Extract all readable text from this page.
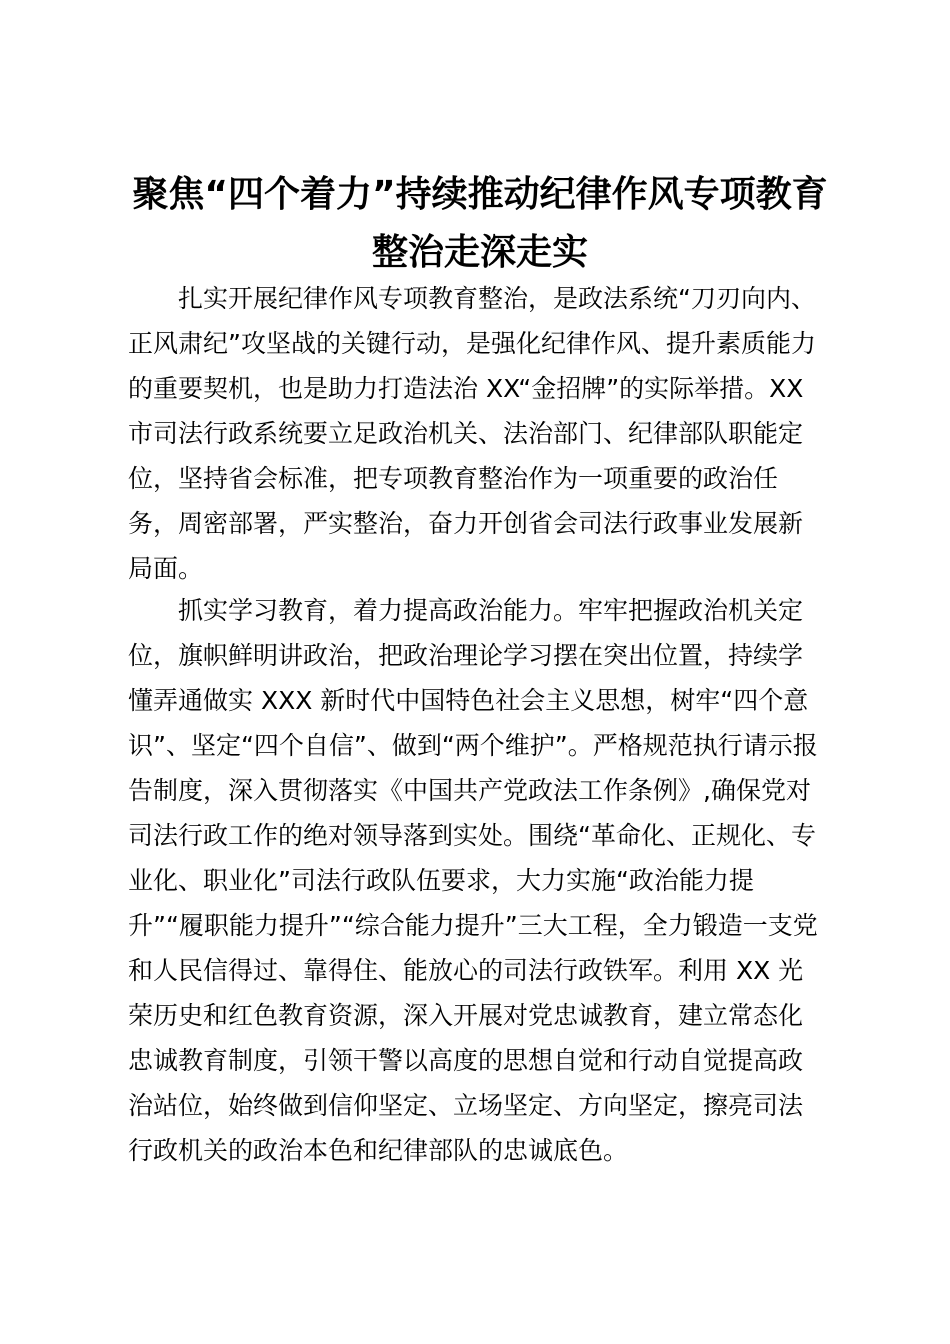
聚焦“四个着力”持续推动纪律作风专项教育
整治走深走实
　　扎实开展纪律作风专项教育整治，是政法系统“刀刃向内、
正风肃纪”攻坚战的关键行动，是强化纪律作风、提升素质能力
的重要契机，也是助力打造法治 XX“金招牌”的实际举措。XX
市司法行政系统要立足政治机关、法治部门、纪律部队职能定
位，坚持省会标准，把专项教育整治作为一项重要的政治任
务，周密部署，严实整治，奋力开创省会司法行政事业发展新
局面。
　　抓实学习教育，着力提高政治能力。牢牢把握政治机关定
位，旗帜鲜明讲政治，把政治理论学习摆在突出位置，持续学
懂弄通做实 XXX 新时代中国特色社会主义思想，树牢“四个意
识”、坚定“四个自信”、做到“两个维护”。严格规范执行请示报
告制度，深入贯彻落实《中国共产党政法工作条例》,确保党对
司法行政工作的绝对领导落到实处。围绕“革命化、正规化、专
业化、职业化”司法行政队伍要求，大力实施“政治能力提
升”“履职能力提升”“综合能力提升”三大工程，全力锻造一支党
和人民信得过、靠得住、能放心的司法行政铁军。利用 XX 光
荣历史和红色教育资源，深入开展对党忠诚教育，建立常态化
忠诚教育制度，引领干警以高度的思想自觉和行动自觉提高政
治站位，始终做到信仰坚定、立场坚定、方向坚定，擦亮司法
行政机关的政治本色和纪律部队的忠诚底色。
